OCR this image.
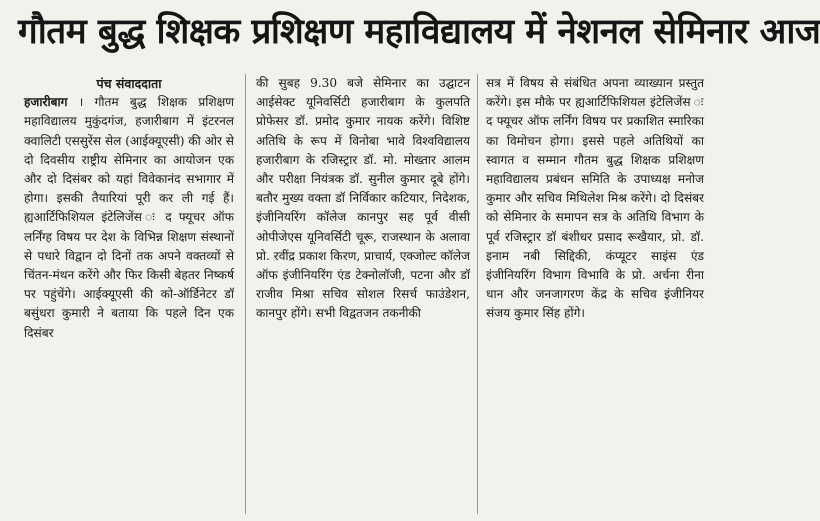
गौतम बुद्ध शिक्षक प्रशिक्षण महाविद्यालय में नेशनल सेमिनार आज

पंच संवाददाता

हजारीबाग । गौतम बुद्ध शिक्षक प्रशिक्षण महाविद्यालय मुकुंदगंज, हजारीबाग में इंटरनल क्वालिटी एससुरेंस सेल (आईक्यूएसी) की ओर से दो दिवसीय राष्ट्रीय सेमिनार का आयोजन एक और दो दिसंबर को यहां विवेकानंद सभागार में होगा। इसकी तैयारियां पूरी कर ली गई हैं। ह्यआर्टिफिशियल इंटेलिजेंस ः द फ्यूचर ऑफ लर्निंग्ह विषय पर देश के विभिन्न शिक्षण संस्थानों से पधारे विद्वान दो दिनों तक अपने वक्तव्यों से चिंतन-मंथन करेंगे और फिर किसी बेहतर निष्कर्ष पर पहुंचेंगे। आईक्यूएसी की को-ऑर्डिनेटर डॉ बसुंधरा कुमारी ने बताया कि पहले दिन एक दिसंबर

की सुबह 9.30 बजे सेमिनार का उद्घाटन आईसेक्ट यूनिवर्सिटी हजारीबाग के कुलपति प्रोफेसर डॉ. प्रमोद कुमार नायक करेंगे। विशिष्ट अतिथि के रूप में विनोबा भावे विश्वविद्यालय हजारीबाग के रजिस्ट्रार डॉ. मो. मोख्तार आलम और परीक्षा नियंत्रक डॉ. सुनील कुमार दूबे होंगे। बतौर मुख्य वक्ता डॉ निर्विकार कटियार, निदेशक, इंजीनियरिंग कॉलेज कानपुर सह पूर्व वीसी ओपीजेएस यूनिवर्सिटी चूरू, राजस्थान के अलावा प्रो. रवींद्र प्रकाश किरण, प्राचार्य, एक्जोल्ट कॉलेज ऑफ इंजीनियरिंग एंड टेक्नोलॉजी, पटना और डॉ राजीव मिश्रा सचिव सोशल रिसर्च फाउंडेशन, कानपुर होंगे। सभी विद्वतजन तकनीकी

सत्र में विषय से संबंधित अपना व्याख्यान प्रस्तुत करेंगे। इस मौके पर ह्यआर्टिफिशियल इंटेलिजेंस ः द फ्यूचर ऑफ लर्निंग विषय पर प्रकाशित स्मारिका का विमोचन होगा। इससे पहले अतिथियों का स्वागत व सम्मान गौतम बुद्ध शिक्षक प्रशिक्षण महाविद्यालय प्रबंधन समिति के उपाध्यक्ष मनोज कुमार और सचिव मिथिलेश मिश्र करेंगे। दो दिसंबर को सेमिनार के समापन सत्र के अतिथि विभाग के पूर्व रजिस्ट्रार डॉ बंशीधर प्रसाद रूखैयार, प्रो. डॉ. इनाम नबी सिद्दिकी, कंप्यूटर साइंस एंड इंजीनियरिंग विभाग विभावि के प्रो. अर्चना रीना धान और जनजागरण केंद्र के सचिव इंजीनियर संजय कुमार सिंह होंगे।
